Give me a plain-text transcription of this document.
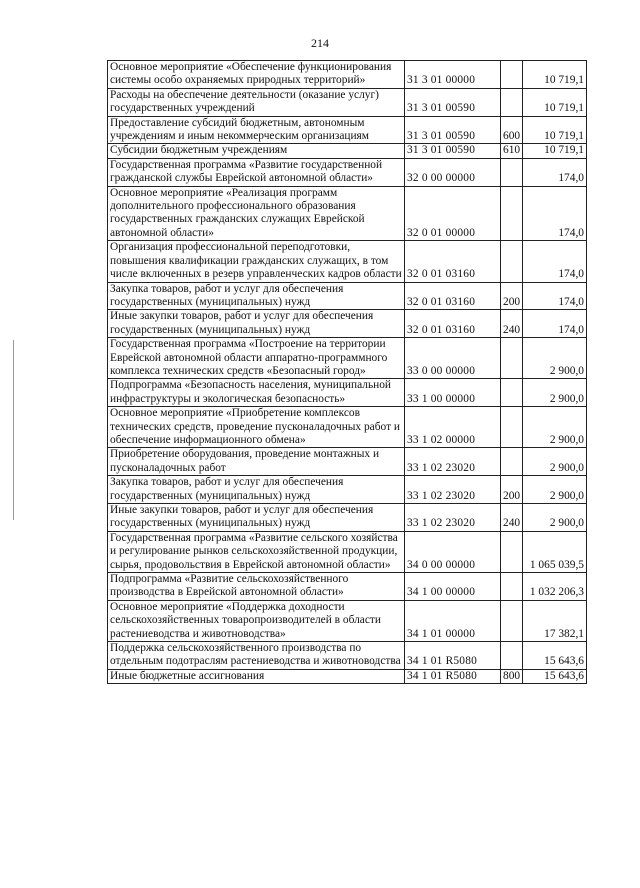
214
Основное мероприятие «Обеспечение функционирования системы особо охраняемых природных территорий»	31 3 01 00000		10 719,1
Расходы на обеспечение деятельности (оказание услуг) государственных учреждений	31 3 01 00590		10 719,1
Предоставление субсидий бюджетным, автономным учреждениям и иным некоммерческим организациям	31 3 01 00590	600	10 719,1
Субсидии бюджетным учреждениям	31 3 01 00590	610	10 719,1
Государственная программа «Развитие государственной гражданской службы Еврейской автономной области»	32 0 00 00000		174,0
Основное мероприятие «Реализация программ дополнительного профессионального образования государственных гражданских служащих Еврейской автономной области»	32 0 01 00000		174,0
Организация профессиональной переподготовки, повышения квалификации гражданских служащих, в том числе включенных в резерв управленческих кадров области	32 0 01 03160		174,0
Закупка товаров, работ и услуг для обеспечения государственных (муниципальных) нужд	32 0 01 03160	200	174,0
Иные закупки товаров, работ и услуг для обеспечения государственных (муниципальных) нужд	32 0 01 03160	240	174,0
Государственная программа «Построение на территории Еврейской автономной области аппаратно-программного комплекса технических средств «Безопасный город»	33 0 00 00000		2 900,0
Подпрограмма «Безопасность населения, муниципальной инфраструктуры и экологическая безопасность»	33 1 00 00000		2 900,0
Основное мероприятие «Приобретение комплексов технических средств, проведение пусконаладочных работ и обеспечение информационного обмена»	33 1 02 00000		2 900,0
Приобретение оборудования, проведение монтажных и пусконаладочных работ	33 1 02 23020		2 900,0
Закупка товаров, работ и услуг для обеспечения государственных (муниципальных) нужд	33 1 02 23020	200	2 900,0
Иные закупки товаров, работ и услуг для обеспечения государственных (муниципальных) нужд	33 1 02 23020	240	2 900,0
Государственная программа «Развитие сельского хозяйства и регулирование рынков сельскохозяйственной продукции, сырья, продовольствия в Еврейской автономной области»	34 0 00 00000		1 065 039,5
Подпрограмма «Развитие сельскохозяйственного производства в Еврейской автономной области»	34 1 00 00000		1 032 206,3
Основное мероприятие «Поддержка доходности сельскохозяйственных товаропроизводителей в области растениеводства и животноводства»	34 1 01 00000		17 382,1
Поддержка сельскохозяйственного производства по отдельным подотраслям растениеводства и животноводства	34 1 01 R5080		15 643,6
Иные бюджетные ассигнования	34 1 01 R5080	800	15 643,6
